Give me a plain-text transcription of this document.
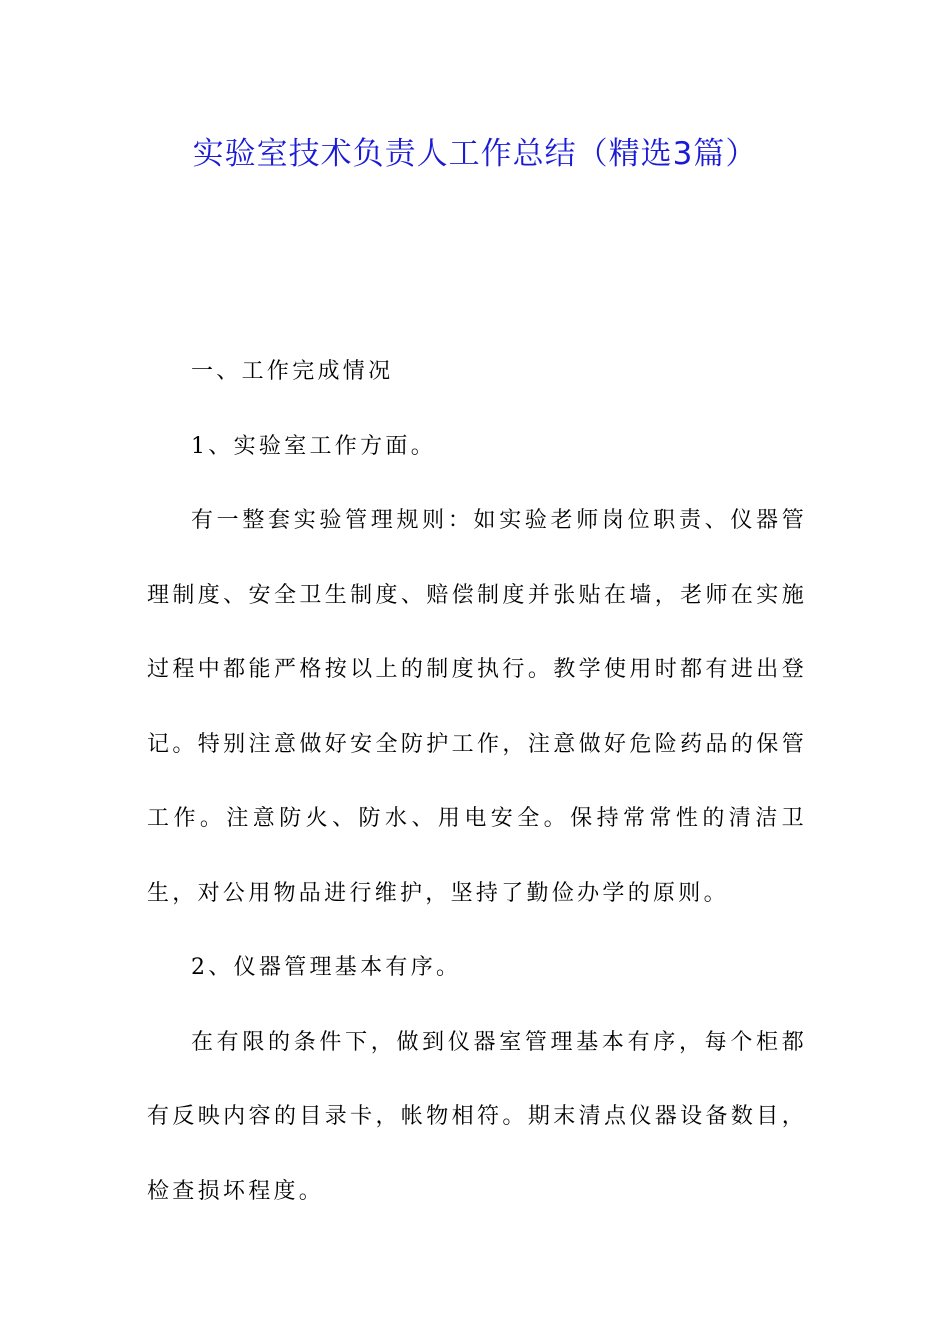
实验室技术负责人工作总结（精选3篇）

一、工作完成情况

1、实验室工作方面。

有一整套实验管理规则：如实验老师岗位职责、仪器管理制度、安全卫生制度、赔偿制度并张贴在墙，老师在实施过程中都能严格按以上的制度执行。教学使用时都有进出登记。特别注意做好安全防护工作，注意做好危险药品的保管工作。注意防火、防水、用电安全。保持常常性的清洁卫生，对公用物品进行维护，坚持了勤俭办学的原则。

2、仪器管理基本有序。

在有限的条件下，做到仪器室管理基本有序，每个柜都有反映内容的目录卡，帐物相符。期末清点仪器设备数目，检查损坏程度。
